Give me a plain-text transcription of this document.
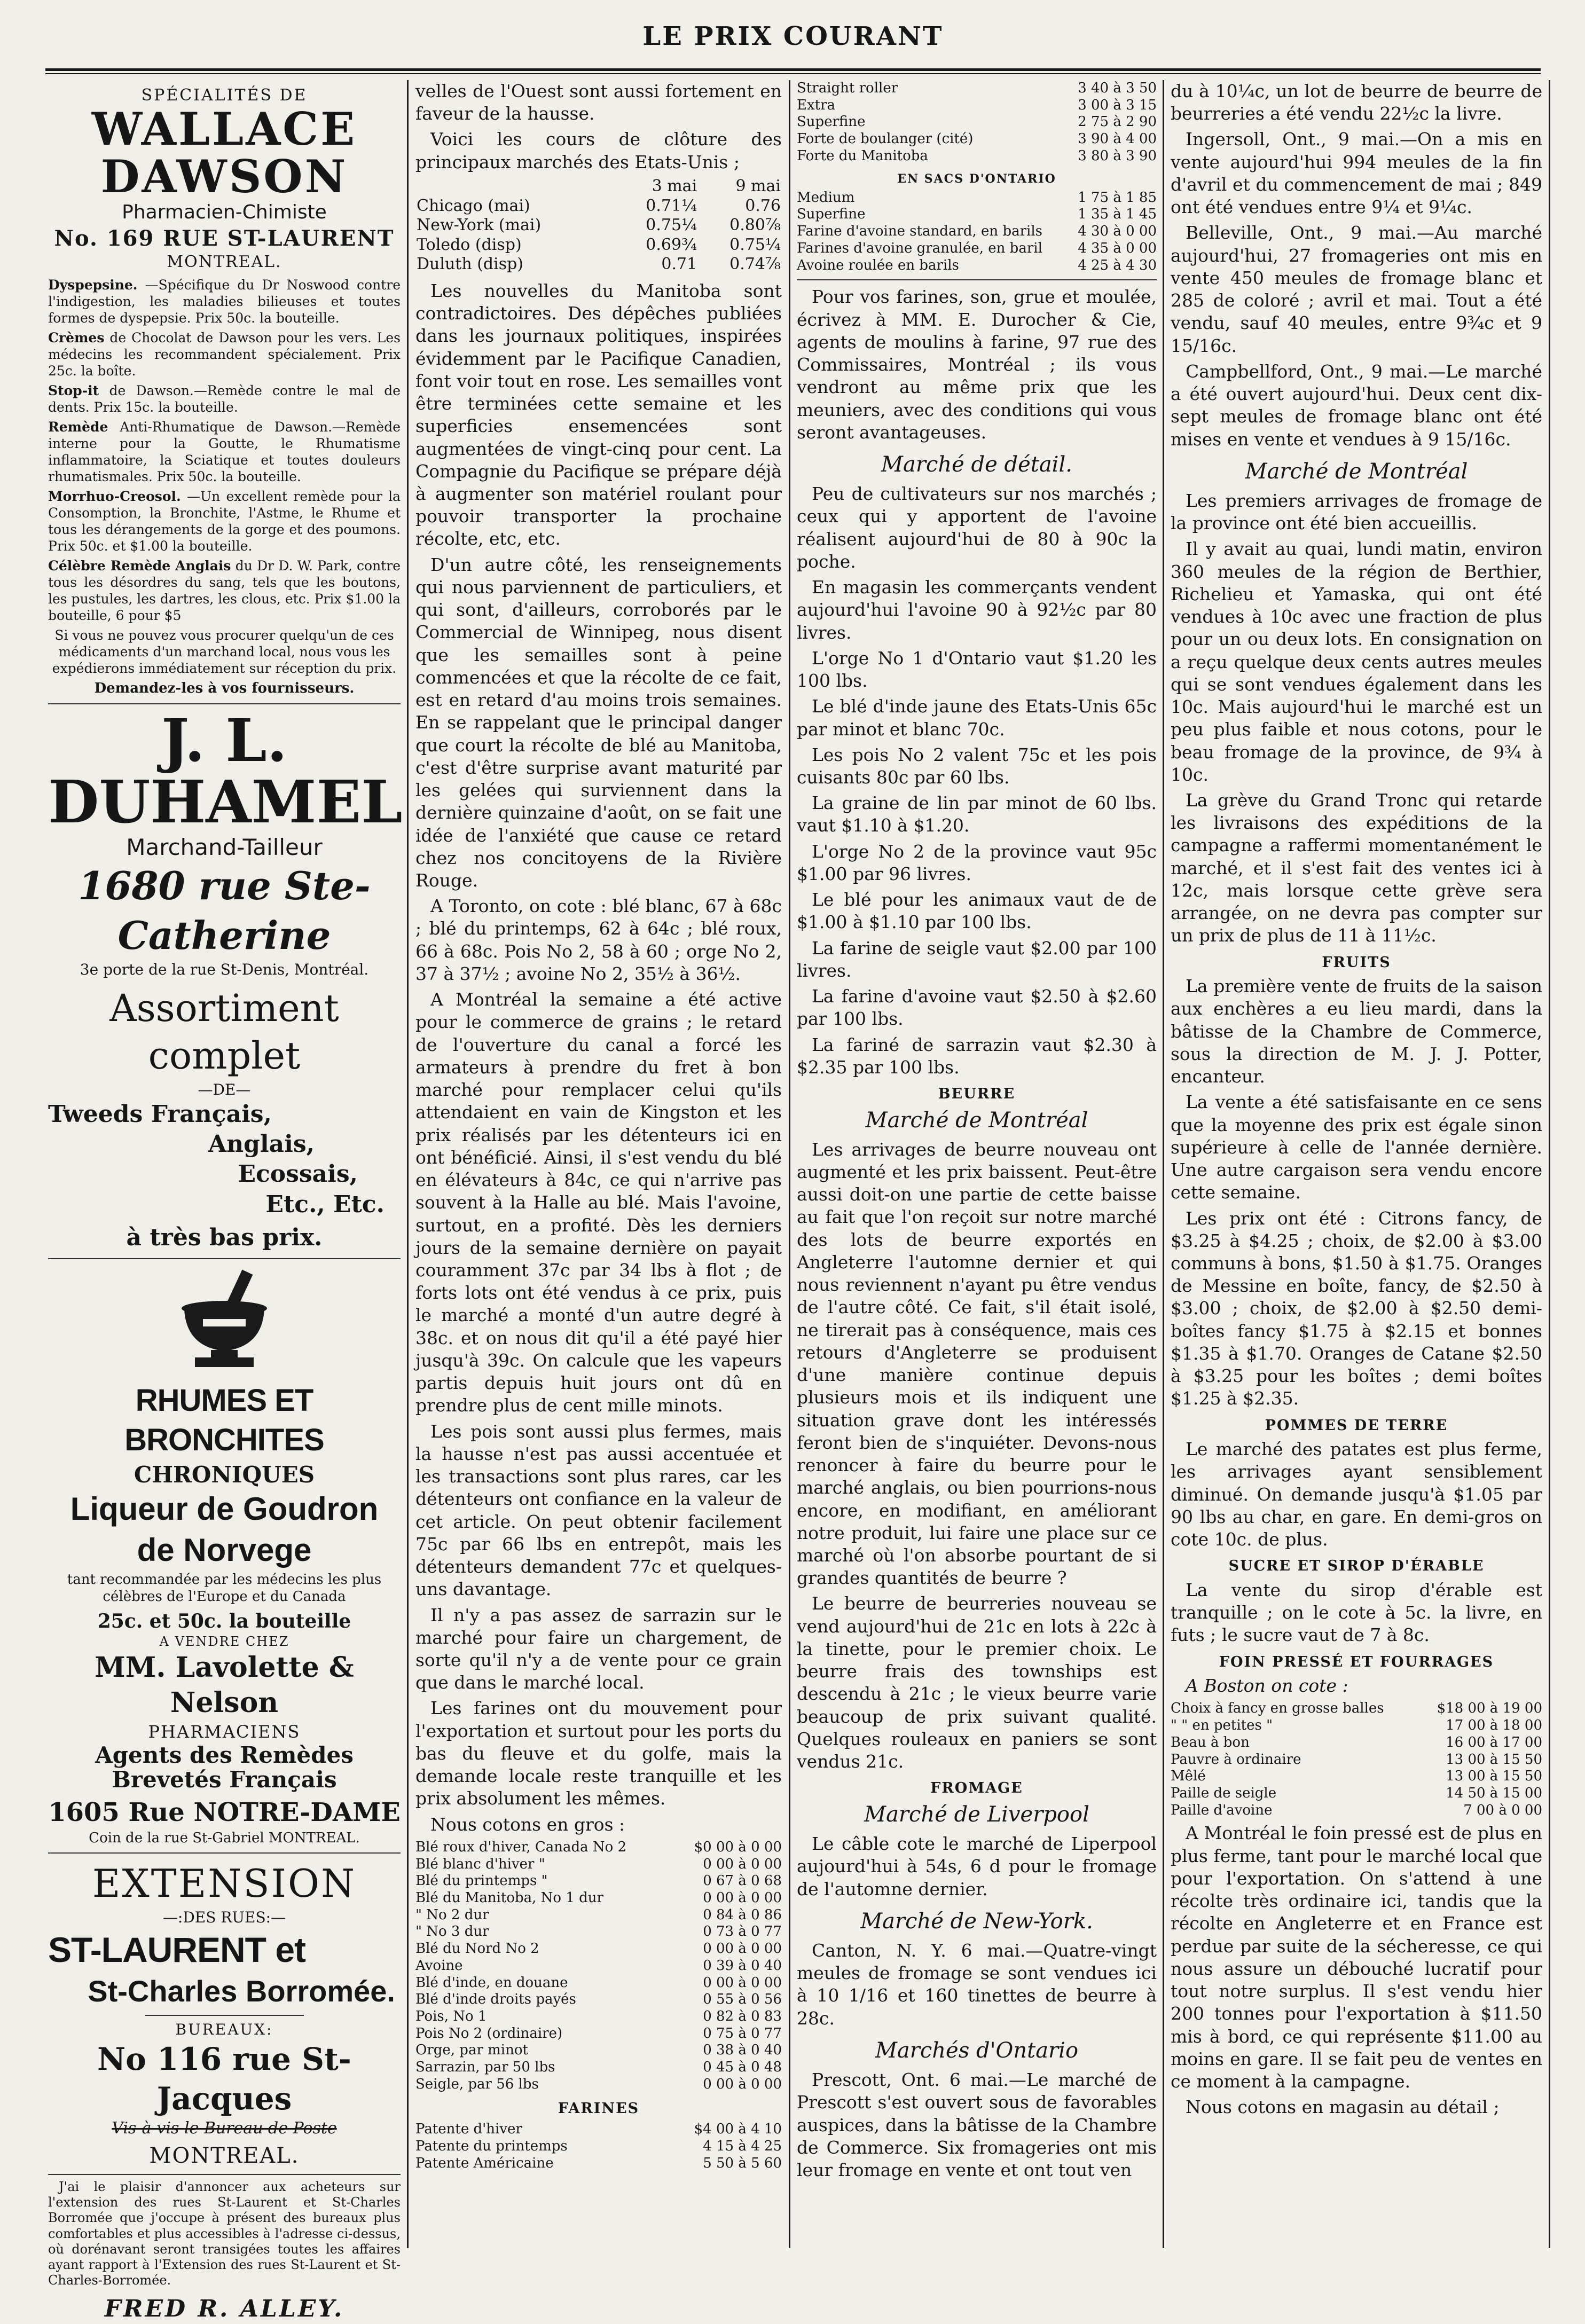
LE PRIX COURANT
SPÉCIALITÉS DE
WALLACE DAWSON
Pharmacien-Chimiste
No. 169 RUE ST-LAURENT
MONTREAL.

Dyspepsine. —Spécifique du Dr Noswood contre l'indigestion, les maladies bilieuses et toutes formes de dyspepsie. Prix 50c. la bouteille.

Crèmes de Chocolat de Dawson pour les vers. Les médecins les recommandent spécialement. Prix 25c. la boîte.

Stop-it de Dawson.—Remède contre le mal de dents. Prix 15c. la bouteille.

Remède Anti-Rhumatique de Dawson.—Remède interne pour la Goutte, le Rhumatisme inflammatoire, la Sciatique et toutes douleurs rhumatismales. Prix 50c. la bouteille.

Morrhuo-Creosol. —Un excellent remède pour la Consomption, la Bronchite, l'Astme, le Rhume et tous les dérangements de la gorge et des poumons. Prix 50c. et $1.00 la bouteille.

Célèbre Remède Anglais du Dr D. W. Park, contre tous les désordres du sang, tels que les boutons, les pustules, les dartres, les clous, etc. Prix $1.00 la bouteille, 6 pour $5

Si vous ne pouvez vous procurer quelqu'un de ces médicaments d'un marchand local, nous vous les expédierons immédiatement sur réception du prix.

Demandez-les à vos fournisseurs.
J. L. DUHAMEL
Marchand-Tailleur
1680 rue Ste-Catherine
3e porte de la rue St-Denis, Montréal.
Assortiment complet
—DE—
Tweeds Français,
Anglais,
Ecossais,
Etc., Etc.
à très bas prix.
RHUMES ET BRONCHITES
CHRONIQUES
Liqueur de Goudron de Norvege
tant recommandée par les médecins les plus célèbres de l'Europe et du Canada
25c. et 50c. la bouteille
A VENDRE CHEZ
MM. Lavolette & Nelson
PHARMACIENS
Agents des Remèdes Brevetés Français
1605 Rue NOTRE-DAME
Coin de la rue St-Gabriel MONTREAL.
EXTENSION
—:DES RUES:—
ST-LAURENT et
St-Charles Borromée.
BUREAUX:
No 116 rue St-Jacques
Vis-à-vis le Bureau de Poste
MONTREAL.

J'ai le plaisir d'annoncer aux acheteurs sur l'extension des rues St-Laurent et St-Charles Borromée que j'occupe à présent des bureaux plus comfortables et plus accessibles à l'adresse ci-dessus, où dorénavant seront transigées toutes les affaires ayant rapport à l'Extension des rues St-Laurent et St-Charles-Borromée.

FRED R. ALLEY.

velles de l'Ouest sont aussi fortement en faveur de la hausse.

Voici les cours de clôture des principaux marchés des Etats-Unis ;

	3 mai	9 mai
Chicago (mai)	0.71¼	0.76
New-York (mai)	0.75¼	0.80⅞
Toledo (disp)	0.69¾	0.75¼
Duluth (disp)	0.71	0.74⅞

Les nouvelles du Manitoba sont contradictoires. Des dépêches publiées dans les journaux politiques, inspirées évidemment par le Pacifique Canadien, font voir tout en rose. Les semailles vont être terminées cette semaine et les superficies ensemencées sont augmentées de vingt-cinq pour cent. La Compagnie du Pacifique se prépare déjà à augmenter son matériel roulant pour pouvoir transporter la prochaine récolte, etc, etc.

D'un autre côté, les renseignements qui nous parviennent de particuliers, et qui sont, d'ailleurs, corroborés par le Commercial de Winnipeg, nous disent que les semailles sont à peine commencées et que la récolte de ce fait, est en retard d'au moins trois semaines. En se rappelant que le principal danger que court la récolte de blé au Manitoba, c'est d'être surprise avant maturité par les gelées qui surviennent dans la dernière quinzaine d'août, on se fait une idée de l'anxiété que cause ce retard chez nos concitoyens de la Rivière Rouge.

A Toronto, on cote : blé blanc, 67 à 68c ; blé du printemps, 62 à 64c ; blé roux, 66 à 68c. Pois No 2, 58 à 60 ; orge No 2, 37 à 37½ ; avoine No 2, 35½ à 36½.

A Montréal la semaine a été active pour le commerce de grains ; le retard de l'ouverture du canal a forcé les armateurs à prendre du fret à bon marché pour remplacer celui qu'ils attendaient en vain de Kingston et les prix réalisés par les détenteurs ici en ont bénéficié. Ainsi, il s'est vendu du blé en élévateurs à 84c, ce qui n'arrive pas souvent à la Halle au blé. Mais l'avoine, surtout, en a profité. Dès les derniers jours de la semaine dernière on payait couramment 37c par 34 lbs à flot ; de forts lots ont été vendus à ce prix, puis le marché a monté d'un autre degré à 38c. et on nous dit qu'il a été payé hier jusqu'à 39c. On calcule que les vapeurs partis depuis huit jours ont dû en prendre plus de cent mille minots.

Les pois sont aussi plus fermes, mais la hausse n'est pas aussi accentuée et les transactions sont plus rares, car les détenteurs ont confiance en la valeur de cet article. On peut obtenir facilement 75c par 66 lbs en entrepôt, mais les détenteurs demandent 77c et quelques-uns davantage.

Il n'y a pas assez de sarrazin sur le marché pour faire un chargement, de sorte qu'il n'y a de vente pour ce grain que dans le marché local.

Les farines ont du mouvement pour l'exportation et surtout pour les ports du bas du fleuve et du golfe, mais la demande locale reste tranquille et les prix absolument les mêmes.

Nous cotons en gros :

Blé roux d'hiver, Canada No 2	$0 00 à 0 00
Blé blanc d'hiver "	0 00 à 0 00
Blé du printemps "	0 67 à 0 68
Blé du Manitoba, No 1 dur	0 00 à 0 00
" No 2 dur	0 84 à 0 86
" No 3 dur	0 73 à 0 77
Blé du Nord No 2	0 00 à 0 00
Avoine	0 39 à 0 40
Blé d'inde, en douane	0 00 à 0 00
Blé d'inde droits payés	0 55 à 0 56
Pois, No 1	0 82 à 0 83
Pois No 2 (ordinaire)	0 75 à 0 77
Orge, par minot	0 38 à 0 40
Sarrazin, par 50 lbs	0 45 à 0 48
Seigle, par 56 lbs	0 00 à 0 00
FARINES
Patente d'hiver	$4 00 à 4 10
Patente du printemps	4 15 à 4 25
Patente Américaine	5 50 à 5 60
Straight roller	3 40 à 3 50
Extra	3 00 à 3 15
Superfine	2 75 à 2 90
Forte de boulanger (cité)	3 90 à 4 00
Forte du Manitoba	3 80 à 3 90
EN SACS D'ONTARIO
Medium	1 75 à 1 85
Superfine	1 35 à 1 45
Farine d'avoine standard, en barils	4 30 à 0 00
Farines d'avoine granulée, en baril	4 35 à 0 00
Avoine roulée en barils	4 25 à 4 30

Pour vos farines, son, grue et moulée, écrivez à MM. E. Durocher & Cie, agents de moulins à farine, 97 rue des Commissaires, Montréal ; ils vous vendront au même prix que les meuniers, avec des conditions qui vous seront avantageuses.

Marché de détail.

Peu de cultivateurs sur nos marchés ; ceux qui y apportent de l'avoine réalisent aujourd'hui de 80 à 90c la poche.

En magasin les commerçants vendent aujourd'hui l'avoine 90 à 92½c par 80 livres.

L'orge No 1 d'Ontario vaut $1.20 les 100 lbs.

Le blé d'inde jaune des Etats-Unis 65c par minot et blanc 70c.

Les pois No 2 valent 75c et les pois cuisants 80c par 60 lbs.

La graine de lin par minot de 60 lbs. vaut $1.10 à $1.20.

L'orge No 2 de la province vaut 95c $1.00 par 96 livres.

Le blé pour les animaux vaut de de $1.00 à $1.10 par 100 lbs.

La farine de seigle vaut $2.00 par 100 livres.

La farine d'avoine vaut $2.50 à $2.60 par 100 lbs.

La fariné de sarrazin vaut $2.30 à $2.35 par 100 lbs.

BEURRE
Marché de Montréal

Les arrivages de beurre nouveau ont augmenté et les prix baissent. Peut-être aussi doit-on une partie de cette baisse au fait que l'on reçoit sur notre marché des lots de beurre exportés en Angleterre l'automne dernier et qui nous reviennent n'ayant pu être vendus de l'autre côté. Ce fait, s'il était isolé, ne tirerait pas à conséquence, mais ces retours d'Angleterre se produisent d'une manière continue depuis plusieurs mois et ils indiquent une situation grave dont les intéressés feront bien de s'inquiéter. Devons-nous renoncer à faire du beurre pour le marché anglais, ou bien pourrions-nous encore, en modifiant, en améliorant notre produit, lui faire une place sur ce marché où l'on absorbe pourtant de si grandes quantités de beurre ?

Le beurre de beurreries nouveau se vend aujourd'hui de 21c en lots à 22c à la tinette, pour le premier choix. Le beurre frais des townships est descendu à 21c ; le vieux beurre varie beaucoup de prix suivant qualité. Quelques rouleaux en paniers se sont vendus 21c.

FROMAGE
Marché de Liverpool

Le câble cote le marché de Liperpool aujourd'hui à 54s, 6 d pour le fromage de l'automne dernier.

Marché de New-York.

Canton, N. Y. 6 mai.—Quatre-vingt meules de fromage se sont vendues ici à 10 1/16 et 160 tinettes de beurre à 28c.

Marchés d'Ontario

Prescott, Ont. 6 mai.—Le marché de Prescott s'est ouvert sous de favorables auspices, dans la bâtisse de la Chambre de Commerce. Six fromageries ont mis leur fromage en vente et ont tout ven

du à 10¼c, un lot de beurre de beurre de beurreries a été vendu 22½c la livre.

Ingersoll, Ont., 9 mai.—On a mis en vente aujourd'hui 994 meules de la fin d'avril et du commencement de mai ; 849 ont été vendues entre 9¼ et 9¼c.

Belleville, Ont., 9 mai.—Au marché aujourd'hui, 27 fromageries ont mis en vente 450 meules de fromage blanc et 285 de coloré ; avril et mai. Tout a été vendu, sauf 40 meules, entre 9¾c et 9 15/16c.

Campbellford, Ont., 9 mai.—Le marché a été ouvert aujourd'hui. Deux cent dix-sept meules de fromage blanc ont été mises en vente et vendues à 9 15/16c.

Marché de Montréal

Les premiers arrivages de fromage de la province ont été bien accueillis.

Il y avait au quai, lundi matin, environ 360 meules de la région de Berthier, Richelieu et Yamaska, qui ont été vendues à 10c avec une fraction de plus pour un ou deux lots. En consignation on a reçu quelque deux cents autres meules qui se sont vendues également dans les 10c. Mais aujourd'hui le marché est un peu plus faible et nous cotons, pour le beau fromage de la province, de 9¾ à 10c.

La grève du Grand Tronc qui retarde les livraisons des expéditions de la campagne a raffermi momentanément le marché, et il s'est fait des ventes ici à 12c, mais lorsque cette grève sera arrangée, on ne devra pas compter sur un prix de plus de 11 à 11½c.

FRUITS

La première vente de fruits de la saison aux enchères a eu lieu mardi, dans la bâtisse de la Chambre de Commerce, sous la direction de M. J. J. Potter, encanteur.

La vente a été satisfaisante en ce sens que la moyenne des prix est égale sinon supérieure à celle de l'année dernière. Une autre cargaison sera vendu encore cette semaine.

Les prix ont été : Citrons fancy, de $3.25 à $4.25 ; choix, de $2.00 à $3.00 communs à bons, $1.50 à $1.75. Oranges de Messine en boîte, fancy, de $2.50 à $3.00 ; choix, de $2.00 à $2.50 demi-boîtes fancy $1.75 à $2.15 et bonnes $1.35 à $1.70. Oranges de Catane $2.50 à $3.25 pour les boîtes ; demi boîtes $1.25 à $2.35.

POMMES DE TERRE

Le marché des patates est plus ferme, les arrivages ayant sensiblement diminué. On demande jusqu'à $1.05 par 90 lbs au char, en gare. En demi-gros on cote 10c. de plus.

SUCRE ET SIROP D'ÉRABLE

La vente du sirop d'érable est tranquille ; on le cote à 5c. la livre, en futs ; le sucre vaut de 7 à 8c.

FOIN PRESSÉ ET FOURRAGES

A Boston on cote :

Choix à fancy en grosse balles	$18 00 à 19 00
" " en petites "	17 00 à 18 00
Beau à bon	16 00 à 17 00
Pauvre à ordinaire	13 00 à 15 50
Mêlé	13 00 à 15 50
Paille de seigle	14 50 à 15 00
Paille d'avoine	7 00 à 0 00

A Montréal le foin pressé est de plus en plus ferme, tant pour le marché local que pour l'exportation. On s'attend à une récolte très ordinaire ici, tandis que la récolte en Angleterre et en France est perdue par suite de la sécheresse, ce qui nous assure un débouché lucratif pour tout notre surplus. Il s'est vendu hier 200 tonnes pour l'exportation à $11.50 mis à bord, ce qui représente $11.00 au moins en gare. Il se fait peu de ventes en ce moment à la campagne.

Nous cotons en magasin au détail ;
